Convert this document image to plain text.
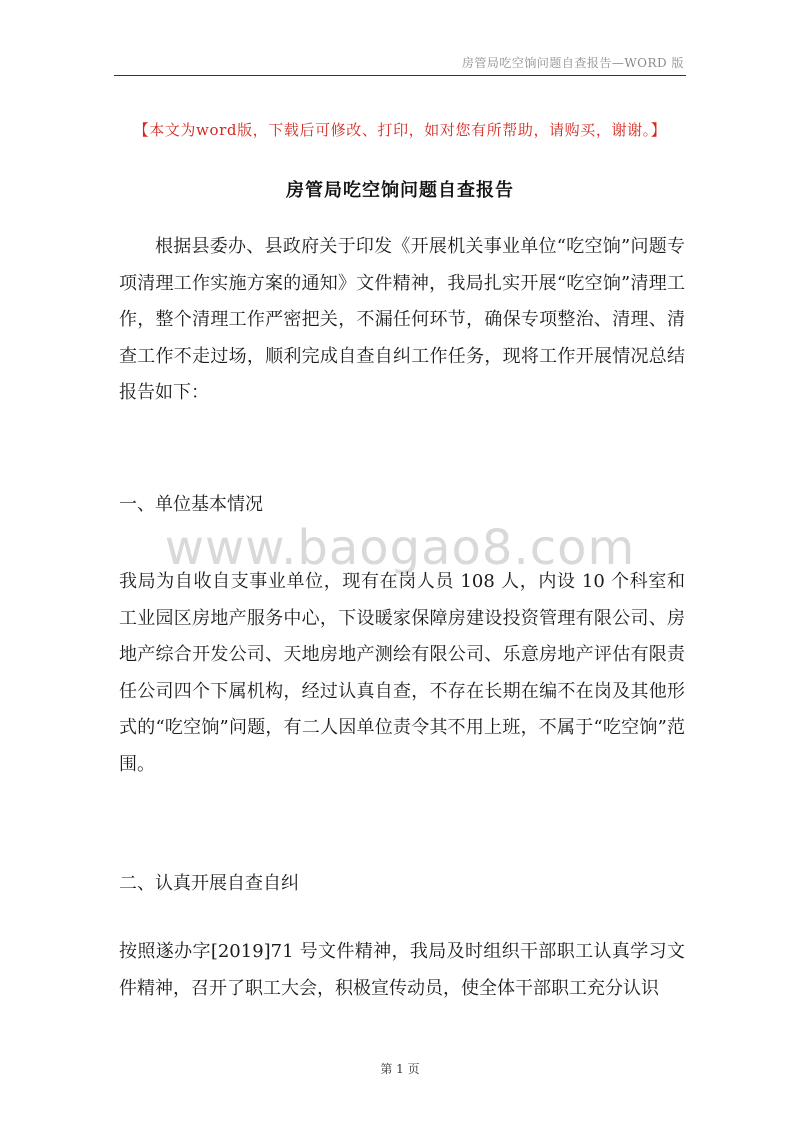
房管局吃空饷问题自查报告—WORD 版
【本文为word版，下载后可修改、打印，如对您有所帮助，请购买，谢谢。】
房管局吃空饷问题自查报告

根据县委办、县政府关于印发《开展机关事业单位“吃空饷”问题专项清理工作实施方案的通知》文件精神，我局扎实开展“吃空饷”清理工作，整个清理工作严密把关，不漏任何环节，确保专项整治、清理、清查工作不走过场，顺利完成自查自纠工作任务，现将工作开展情况总结报告如下：

一、单位基本情况

www.baogao8.com

我局为自收自支事业单位，现有在岗人员 108 人，内设 10 个科室和工业园区房地产服务中心，下设暖家保障房建设投资管理有限公司、房地产综合开发公司、天地房地产测绘有限公司、乐意房地产评估有限责任公司四个下属机构，经过认真自查，不存在长期在编不在岗及其他形式的“吃空饷”问题，有二人因单位责令其不用上班，不属于“吃空饷”范围。

二、认真开展自查自纠

按照遂办字[2019]71 号文件精神，我局及时组织干部职工认真学习文件精神，召开了职工大会，积极宣传动员，使全体干部职工充分认识

第 1 页
